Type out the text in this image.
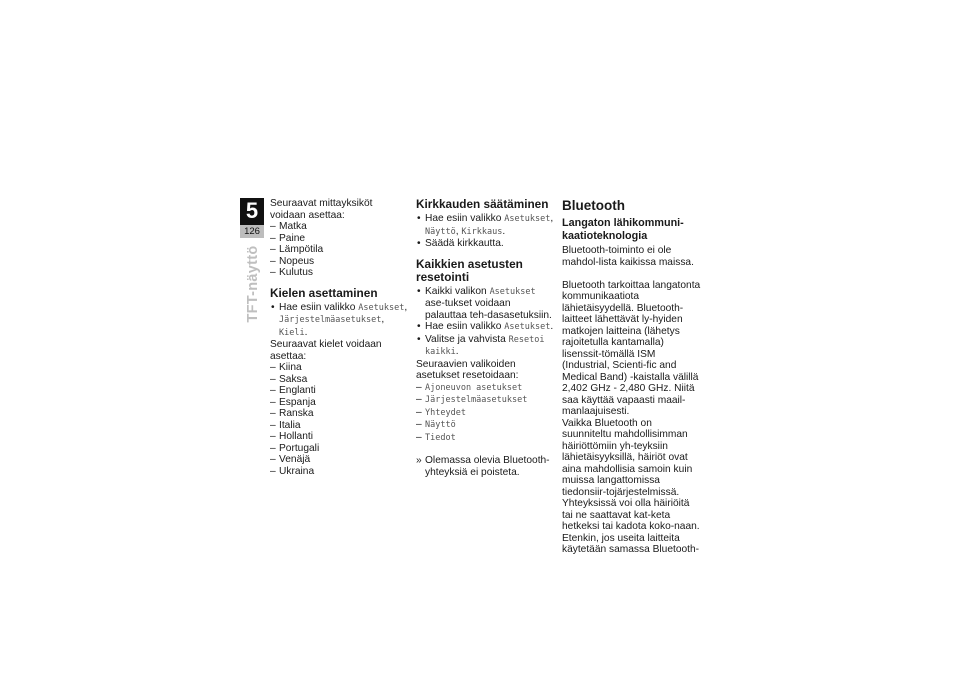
5
126
TFT-näyttö

Seuraavat mittayksiköt voidaan asettaa:

– Matka
– Paine
– Lämpötila
– Nopeus
– Kulutus
Kielen asettaminen
• Hae esiin valikko Asetukset, Järjestelmäasetukset, Kieli.

Seuraavat kielet voidaan asettaa:

– Kiina
– Saksa
– Englanti
– Espanja
– Ranska
– Italia
– Hollanti
– Portugali
– Venäjä
– Ukraina
Kirkkauden säätäminen
• Hae esiin valikko Asetukset, Näyttö, Kirkkaus.
• Säädä kirkkautta.
Kaikkien asetusten resetointi
• Kaikki valikon Asetukset ase-tukset voidaan palauttaa teh-dasasetuksiin.
• Hae esiin valikko Asetukset.
• Valitse ja vahvista Resetoi kaikki.

Seuraavien valikoiden asetukset resetoidaan:

– Ajoneuvon asetukset
– Järjestelmäasetukset
– Yhteydet
– Näyttö
– Tiedot
» Olemassa olevia Bluetooth-yhteyksiä ei poisteta.
Bluetooth
Langaton lähikommuni-kaatioteknologia

Bluetooth-toiminto ei ole mahdol-lista kaikissa maissa.

Bluetooth tarkoittaa langatonta kommunikaatiota lähietäisyydellä. Bluetooth-laitteet lähettävät ly-hyiden matkojen laitteina (lähetys rajoitetulla kantamalla) lisenssit-tömällä ISM (Industrial, Scienti-fic and Medical Band) -kaistalla välillä 2,402 GHz - 2,480 GHz. Niitä saa käyttää vapaasti maail-manlaajuisesti.

Vaikka Bluetooth on suunniteltu mahdollisimman häiriöttömiin yh-teyksiin lähietäisyyksillä, häiriöt ovat aina mahdollisia samoin kuin muissa langattomissa tiedonsiir-tojärjestelmissä. Yhteyksissä voi olla häiriöitä tai ne saattavat kat-keta hetkeksi tai kadota koko-naan. Etenkin, jos useita laitteita käytetään samassa Bluetooth-
